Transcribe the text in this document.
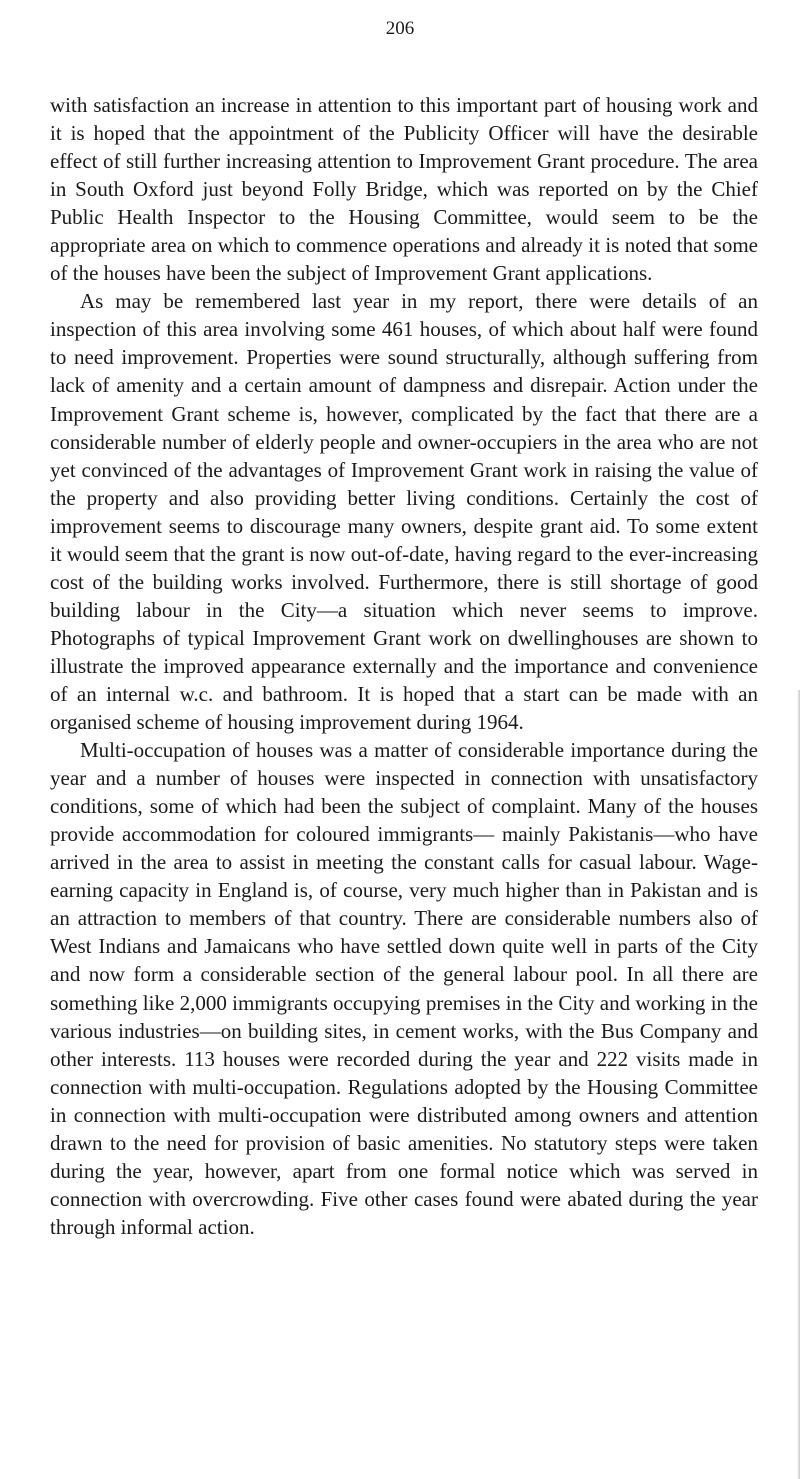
206

with satisfaction an increase in attention to this important part of housing work and it is hoped that the appointment of the Publicity Officer will have the desirable effect of still further increasing attention to Improvement Grant procedure. The area in South Oxford just beyond Folly Bridge, which was reported on by the Chief Public Health Inspector to the Housing Committee, would seem to be the appropriate area on which to commence operations and already it is noted that some of the houses have been the subject of Improvement Grant applications.

As may be remembered last year in my report, there were details of an inspection of this area involving some 461 houses, of which about half were found to need improvement. Properties were sound structurally, although suffering from lack of amenity and a certain amount of dampness and disrepair. Action under the Improvement Grant scheme is, however, complicated by the fact that there are a considerable number of elderly people and owner-occupiers in the area who are not yet convinced of the advantages of Improvement Grant work in raising the value of the property and also providing better living conditions. Certainly the cost of improvement seems to discourage many owners, despite grant aid. To some extent it would seem that the grant is now out-of-date, having regard to the ever-increasing cost of the building works involved. Furthermore, there is still shortage of good building labour in the City—a situation which never seems to improve. Photographs of typical Improvement Grant work on dwellinghouses are shown to illustrate the improved appearance externally and the importance and convenience of an internal w.c. and bathroom. It is hoped that a start can be made with an organised scheme of housing improvement during 1964.

Multi-occupation of houses was a matter of considerable importance during the year and a number of houses were inspected in connection with unsatisfactory conditions, some of which had been the subject of complaint. Many of the houses provide accommodation for coloured immigrants— mainly Pakistanis—who have arrived in the area to assist in meeting the constant calls for casual labour. Wage-earning capacity in England is, of course, very much higher than in Pakistan and is an attraction to members of that country. There are considerable numbers also of West Indians and Jamaicans who have settled down quite well in parts of the City and now form a considerable section of the general labour pool. In all there are something like 2,000 immigrants occupying premises in the City and working in the various industries—on building sites, in cement works, with the Bus Company and other interests. 113 houses were recorded during the year and 222 visits made in connection with multi-occupation. Regulations adopted by the Housing Committee in connection with multi-occupation were distributed among owners and attention drawn to the need for provision of basic amenities. No statutory steps were taken during the year, however, apart from one formal notice which was served in connection with overcrowding. Five other cases found were abated during the year through informal action.
